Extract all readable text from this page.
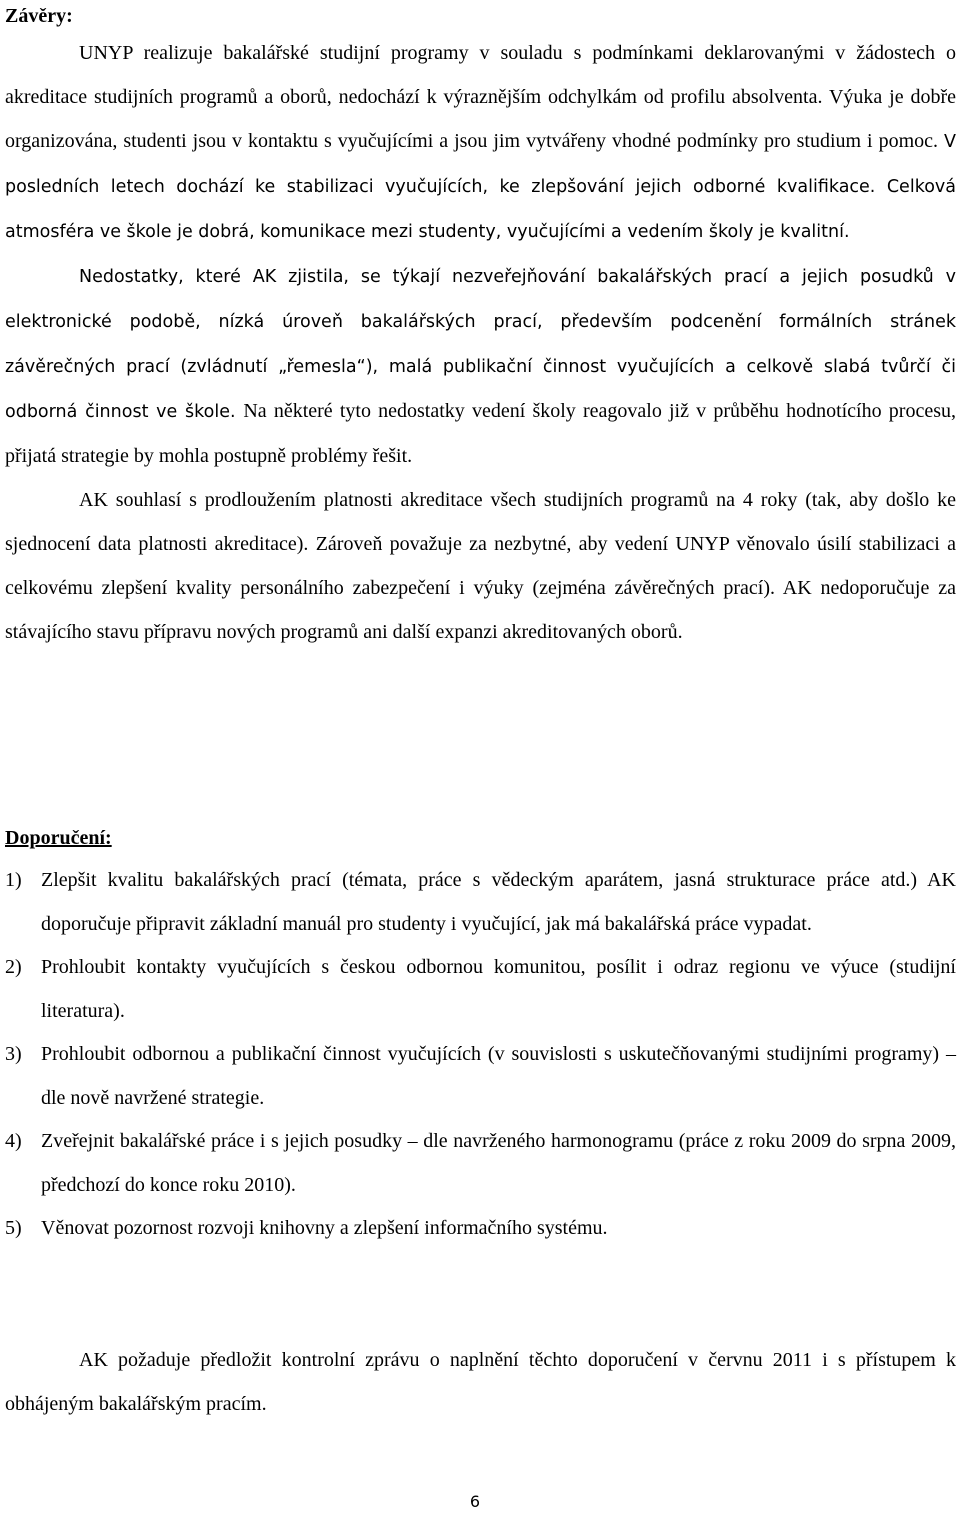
Závěry:

UNYP realizuje bakalářské studijní programy v souladu s podmínkami deklarovanými v žádostech o akreditace studijních programů a oborů, nedochází k výraznějším odchylkám od profilu absolventa. Výuka je dobře organizována, studenti jsou v kontaktu s vyučujícími a jsou jim vytvářeny vhodné podmínky pro studium i pomoc. V posledních letech dochází ke stabilizaci vyučujících, ke zlepšování jejich odborné kvalifikace. Celková atmosféra ve škole je dobrá, komunikace mezi studenty, vyučujícími a vedením školy je kvalitní.

Nedostatky, které AK zjistila, se týkají nezveřejňování bakalářských prací a jejich posudků v elektronické podobě, nízká úroveň bakalářských prací, především podcenění formálních stránek závěrečných prací (zvládnutí „řemesla“), malá publikační činnost vyučujících a celkově slabá tvůrčí či odborná činnost ve škole. Na některé tyto nedostatky vedení školy reagovalo již v průběhu hodnotícího procesu, přijatá strategie by mohla postupně problémy řešit.

AK souhlasí s prodloužením platnosti akreditace všech studijních programů na 4 roky (tak, aby došlo ke sjednocení data platnosti akreditace). Zároveň považuje za nezbytné, aby vedení UNYP věnovalo úsilí stabilizaci a celkovému zlepšení kvality personálního zabezpečení i výuky (zejména závěrečných prací). AK nedoporučuje za stávajícího stavu přípravu nových programů ani další expanzi akreditovaných oborů.

Doporučení:

1) Zlepšit kvalitu bakalářských prací (témata, práce s vědeckým aparátem, jasná strukturace práce atd.) AK doporučuje připravit základní manuál pro studenty i vyučující, jak má bakalářská práce vypadat.
2) Prohloubit kontakty vyučujících s českou odbornou komunitou, posílit i odraz regionu ve výuce (studijní literatura).
3) Prohloubit odbornou a publikační činnost vyučujících (v souvislosti s uskutečňovanými studijními programy) – dle nově navržené strategie.
4) Zveřejnit bakalářské práce i s jejich posudky – dle navrženého harmonogramu (práce z roku 2009 do srpna 2009, předchozí do konce roku 2010).
5) Věnovat pozornost rozvoji knihovny a zlepšení informačního systému.

AK požaduje předložit kontrolní zprávu o naplnění těchto doporučení v červnu 2011 i s přístupem k obhájeným bakalářským pracím.

6
